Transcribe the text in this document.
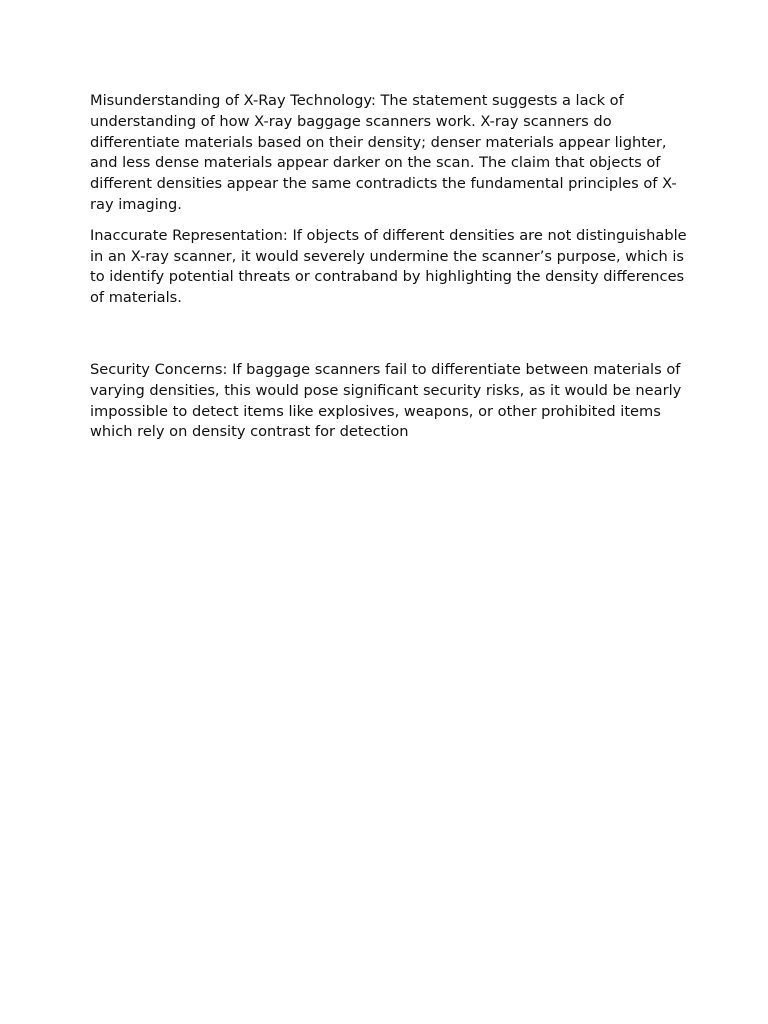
Misunderstanding of X-Ray Technology: The statement suggests a lack of understanding of how X-ray baggage scanners work. X-ray scanners do differentiate materials based on their density; denser materials appear lighter, and less dense materials appear darker on the scan. The claim that objects of different densities appear the same contradicts the fundamental principles of X-ray imaging.

Inaccurate Representation: If objects of different densities are not distinguishable in an X-ray scanner, it would severely undermine the scanner’s purpose, which is to identify potential threats or contraband by highlighting the density differences of materials.

Security Concerns: If baggage scanners fail to differentiate between materials of varying densities, this would pose significant security risks, as it would be nearly impossible to detect items like explosives, weapons, or other prohibited items which rely on density contrast for detection
